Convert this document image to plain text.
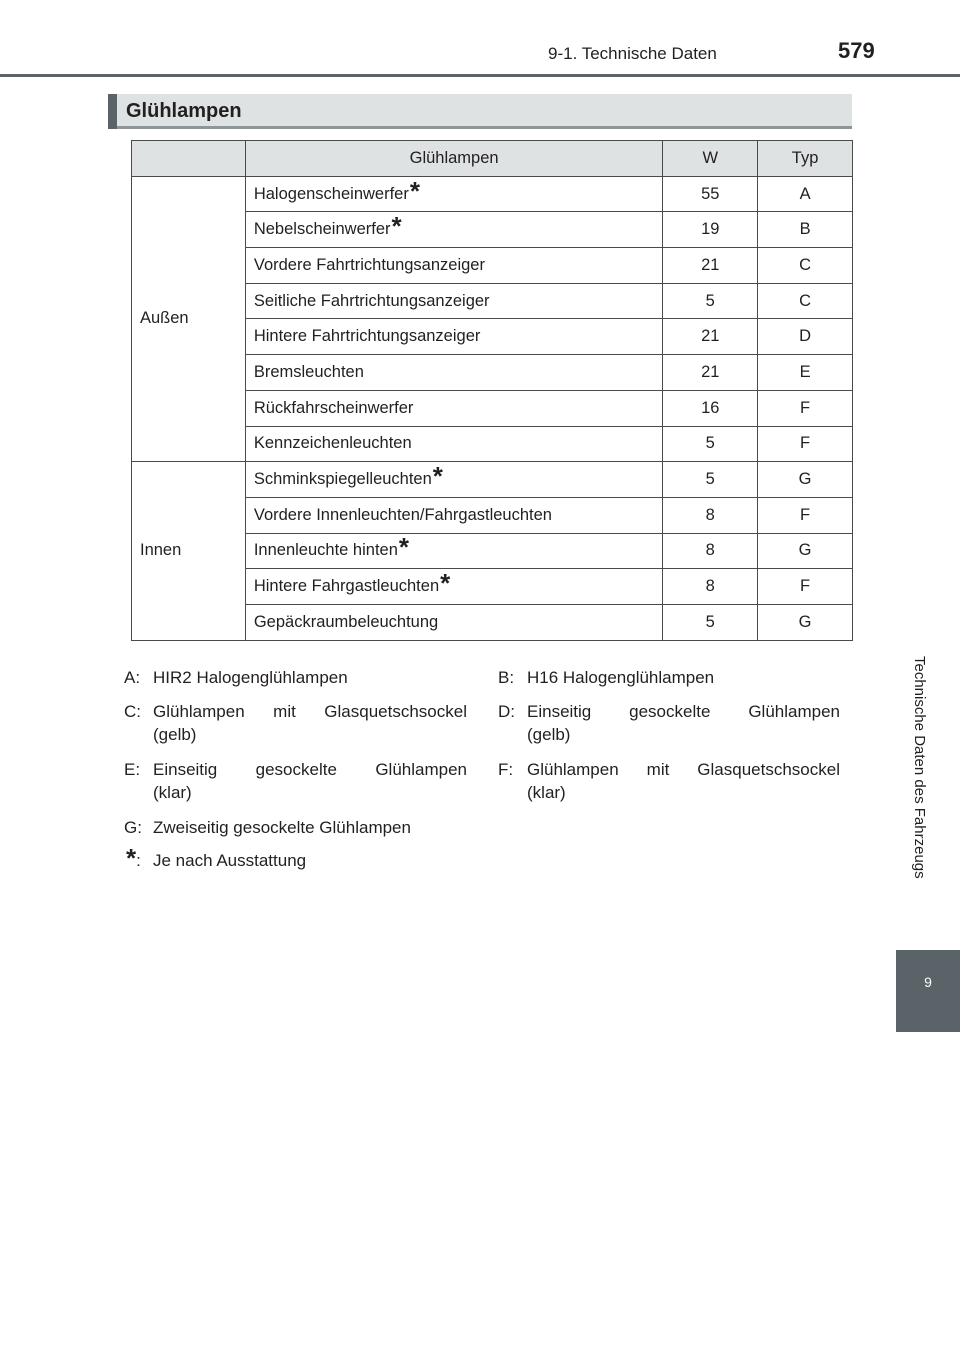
9-1. Technische Daten	579
Technische Daten des Fahrzeugs
9
Glühlampen
	Glühlampen	W	Typ
Außen	Halogenscheinwerfer*	55	A
	Nebelscheinwerfer*	19	B
	Vordere Fahrtrichtungsanzeiger	21	C
	Seitliche Fahrtrichtungsanzeiger	5	C
	Hintere Fahrtrichtungsanzeiger	21	D
	Bremsleuchten	21	E
	Rückfahrscheinwerfer	16	F
	Kennzeichenleuchten	5	F
Innen	Schminkspiegelleuchten*	5	G
	Vordere Innenleuchten/Fahrgastleuchten	8	F
	Innenleuchte hinten*	8	G
	Hintere Fahrgastleuchten*	8	F
	Gepäckraumbeleuchtung	5	G
A: HIR2 Halogenglühlampen	B: H16 Halogenglühlampen
C: Glühlampen mit Glasquetschsockel
(gelb)
D: Einseitig gesockelte Glühlampen
(gelb)
E: Einseitig gesockelte Glühlampen
(klar)
F: Glühlampen mit Glasquetschsockel
(klar)
G: Zweiseitig gesockelte Glühlampen
*: Je nach Ausstattung
